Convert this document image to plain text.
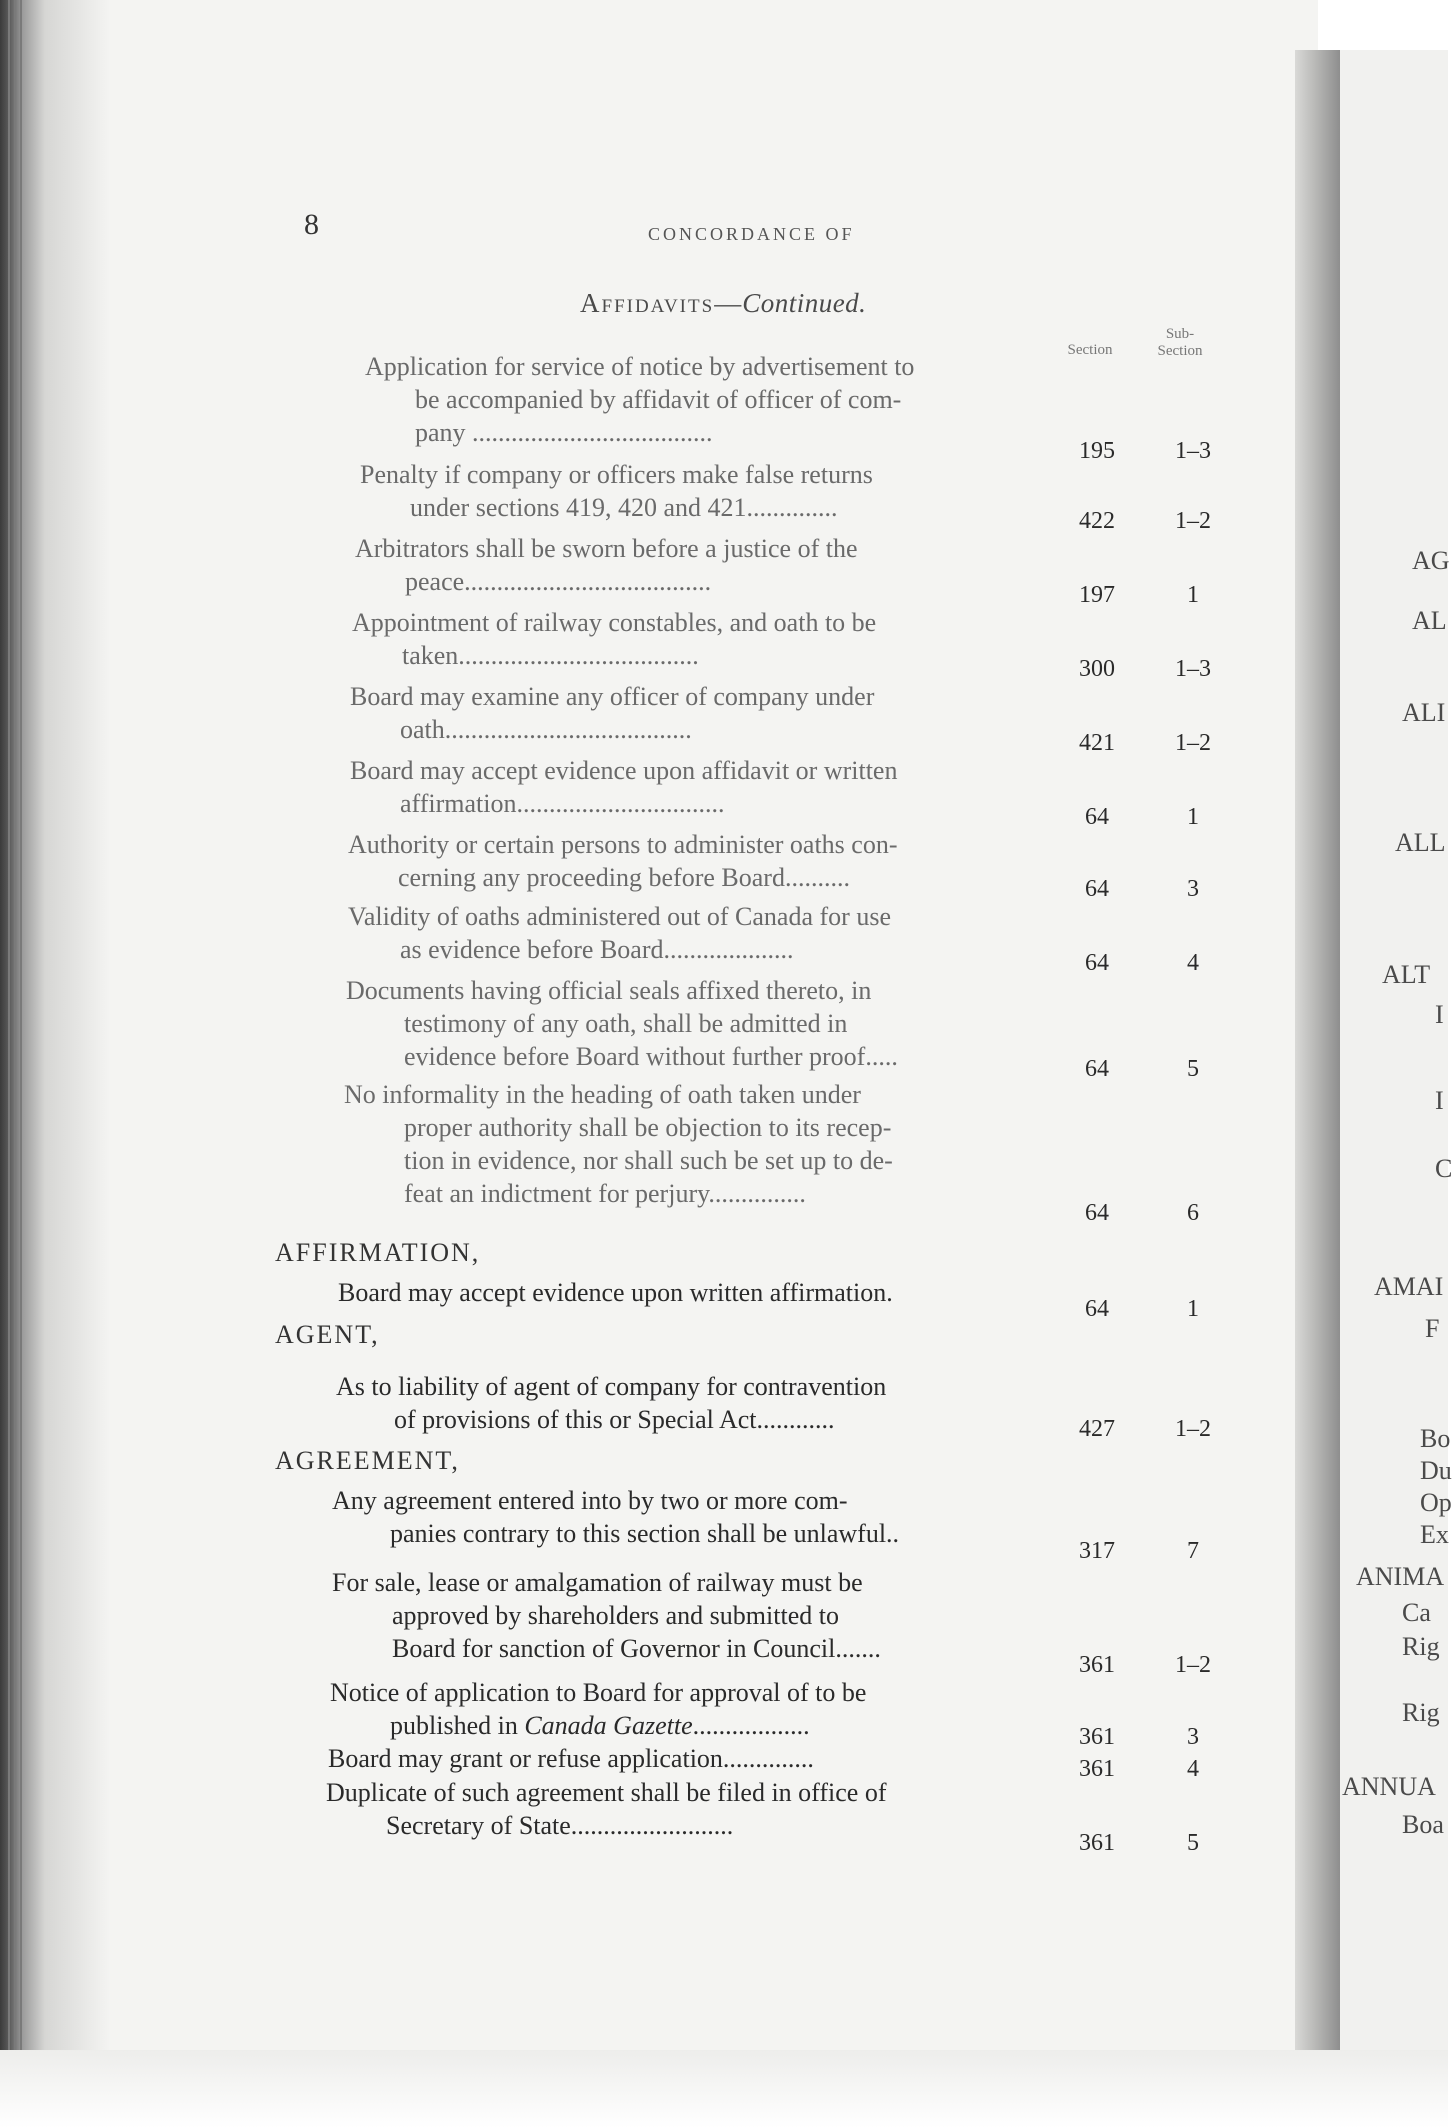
AG
AL
ALI
ALL
ALT
I
I
C
AMAI
F
Bo
Du
Op
Ex
ANIMA
Ca
Rig
Rig
ANNUA
Boa
8	CONCORDANCE OF
Affidavits—Continued.
Section
Sub-
Section
Application for service of notice by advertisement to
be accompanied by affidavit of officer of com-
pany .....................................
195	1–3
Penalty if company or officers make false returns
under sections 419, 420 and 421..............	422	1–2
Arbitrators shall be sworn before a justice of the
peace......................................	197	1
Appointment of railway constables, and oath to be
taken.....................................	300	1–3
Board may examine any officer of company under
oath......................................	421	1–2
Board may accept evidence upon affidavit or written
affirmation................................	64	1
Authority or certain persons to administer oaths con-
cerning any proceeding before Board..........	64	3
Validity of oaths administered out of Canada for use
as evidence before Board....................	64	4
Documents having official seals affixed thereto, in
testimony of any oath, shall be admitted in
evidence before Board without further proof.....	64	5
No informality in the heading of oath taken under
proper authority shall be objection to its recep-
tion in evidence, nor shall such be set up to de-
feat an indictment for perjury...............
64	6
AFFIRMATION,
AGENT,
AGREEMENT,
Board may accept evidence upon written affirmation.
64	1
As to liability of agent of company for contravention
of provisions of this or Special Act............	427	1–2
Any agreement entered into by two or more com-
panies contrary to this section shall be unlawful..
317	7
For sale, lease or amalgamation of railway must be
approved by shareholders and submitted to
Board for sanction of Governor in Council.......
361	1–2
Notice of application to Board for approval of to be
published in Canada Gazette..................	361	3
Board may grant or refuse application..............	361	4
Duplicate of such agreement shall be filed in office of
Secretary of State.........................
361	5
